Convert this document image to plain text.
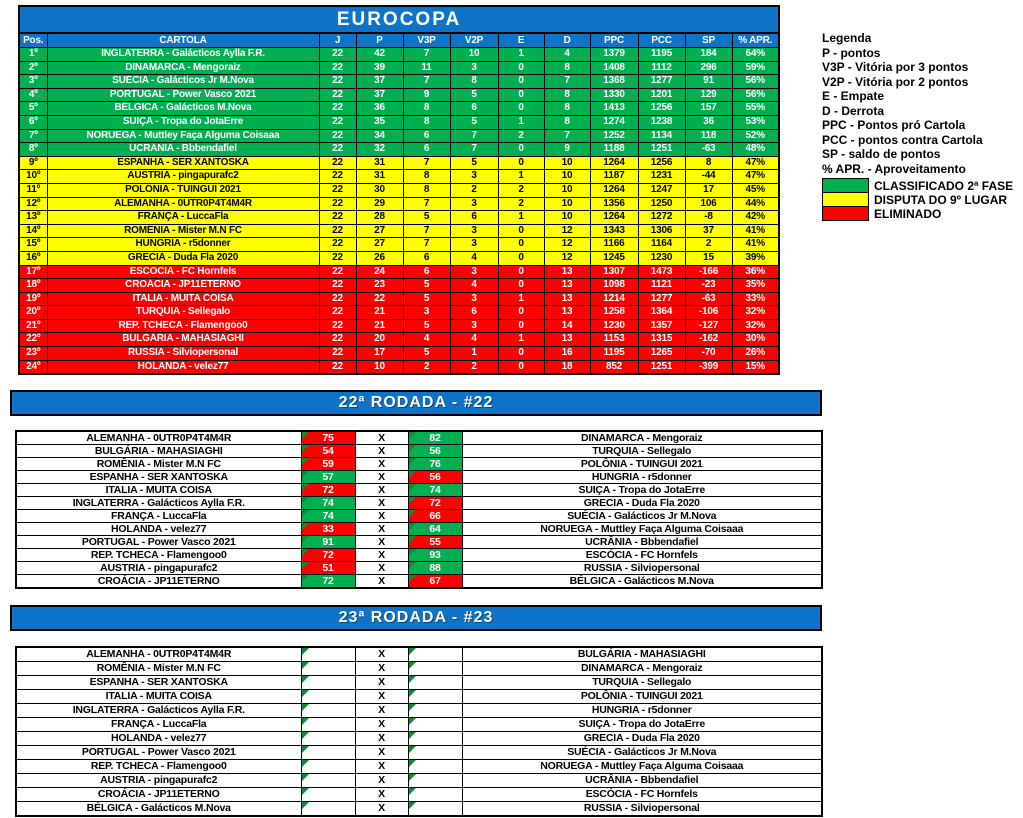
EUROCOPA											
Pos.	CARTOLA	J	P	V3P	V2P	E	D	PPC	PCC	SP	% APR.
1º	INGLATERRA - Galácticos Aylla F.R.	22	42	7	10	1	4	1379	1195	184	64%
2º	DINAMARCA - Mengoraiz	22	39	11	3	0	8	1408	1112	296	59%
3º	SUÉCIA - Galácticos Jr M.Nova	22	37	7	8	0	7	1368	1277	91	56%
4º	PORTUGAL - Power Vasco 2021	22	37	9	5	0	8	1330	1201	129	56%
5º	BÉLGICA - Galácticos M.Nova	22	36	8	6	0	8	1413	1256	157	55%
6º	SUIÇA - Tropa do JotaErre	22	35	8	5	1	8	1274	1238	36	53%
7º	NORUEGA - Muttley Faça Alguma Coisaaa	22	34	6	7	2	7	1252	1134	118	52%
8º	UCRÂNIA - Bbbendafiel	22	32	6	7	0	9	1188	1251	-63	48%
9º	ESPANHA - SER XANTOSKA	22	31	7	5	0	10	1264	1256	8	47%
10º	AUSTRIA - pingapurafc2	22	31	8	3	1	10	1187	1231	-44	47%
11º	POLÔNIA - TUINGUI 2021	22	30	8	2	2	10	1264	1247	17	45%
12º	ALEMANHA - 0UTR0P4T4M4R	22	29	7	3	2	10	1356	1250	106	44%
13º	FRANÇA - LuccaFla	22	28	5	6	1	10	1264	1272	-8	42%
14º	ROMÊNIA - Mister M.N FC	22	27	7	3	0	12	1343	1306	37	41%
15º	HUNGRIA - r5donner	22	27	7	3	0	12	1166	1164	2	41%
16º	GRECIA - Duda Fla 2020	22	26	6	4	0	12	1245	1230	15	39%
17º	ESCÓCIA - FC Hornfels	22	24	6	3	0	13	1307	1473	-166	36%
18º	CROÁCIA - JP11ETERNO	22	23	5	4	0	13	1098	1121	-23	35%
19º	ITALIA - MUITA COISA	22	22	5	3	1	13	1214	1277	-63	33%
20º	TURQUIA - Sellegalo	22	21	3	6	0	13	1258	1364	-106	32%
21º	REP. TCHECA - Flamengoo0	22	21	5	3	0	14	1230	1357	-127	32%
22º	BULGÁRIA - MAHASIAGHI	22	20	4	4	1	13	1153	1315	-162	30%
23º	RUSSIA - Silviopersonal	22	17	5	1	0	16	1195	1265	-70	26%
24º	HOLANDA - velez77	22	10	2	2	0	18	852	1251	-399	15%
Legenda
P - pontos
V3P - Vitória por 3 pontos
V2P - Vitória por 2 pontos
E - Empate
D - Derrota
PPC - Pontos pró Cartola
PCC - pontos contra Cartola
SP - saldo de pontos
% APR. - Aproveitamento
CLASSIFICADO 2ª FASE
DISPUTA DO 9º LUGAR
ELIMINADO
22ª RODADA - #22
ALEMANHA - 0UTR0P4T4M4R	75	X	82	DINAMARCA - Mengoraiz
BULGÁRIA - MAHASIAGHI	54	X	56	TURQUIA - Sellegalo
ROMÊNIA - Mister M.N FC	59	X	76	POLÔNIA - TUINGUI 2021
ESPANHA - SER XANTOSKA	57	X	56	HUNGRIA - r5donner
ITALIA - MUITA COISA	72	X	74	SUIÇA - Tropa do JotaErre
INGLATERRA - Galácticos Aylla F.R.	74	X	72	GRECIA - Duda Fla 2020
FRANÇA - LuccaFla	74	X	66	SUÉCIA - Galácticos Jr M.Nova
HOLANDA - velez77	33	X	64	NORUEGA - Muttley Faça Alguma Coisaaa
PORTUGAL - Power Vasco 2021	91	X	55	UCRÂNIA - Bbbendafiel
REP. TCHECA - Flamengoo0	72	X	93	ESCÓCIA - FC Hornfels
AUSTRIA - pingapurafc2	51	X	88	RUSSIA - Silviopersonal
CROÁCIA - JP11ETERNO	72	X	67	BÉLGICA - Galácticos M.Nova
23ª RODADA - #23
ALEMANHA - 0UTR0P4T4M4R		X		BULGÁRIA - MAHASIAGHI
ROMÊNIA - Mister M.N FC		X		DINAMARCA - Mengoraiz
ESPANHA - SER XANTOSKA		X		TURQUIA - Sellegalo
ITALIA - MUITA COISA		X		POLÔNIA - TUINGUI 2021
INGLATERRA - Galácticos Aylla F.R.		X		HUNGRIA - r5donner
FRANÇA - LuccaFla		X		SUIÇA - Tropa do JotaErre
HOLANDA - velez77		X		GRECIA - Duda Fla 2020
PORTUGAL - Power Vasco 2021		X		SUÉCIA - Galácticos Jr M.Nova
REP. TCHECA - Flamengoo0		X		NORUEGA - Muttley Faça Alguma Coisaaa
AUSTRIA - pingapurafc2		X		UCRÂNIA - Bbbendafiel
CROÁCIA - JP11ETERNO		X		ESCÓCIA - FC Hornfels
BÉLGICA - Galácticos M.Nova		X		RUSSIA - Silviopersonal
